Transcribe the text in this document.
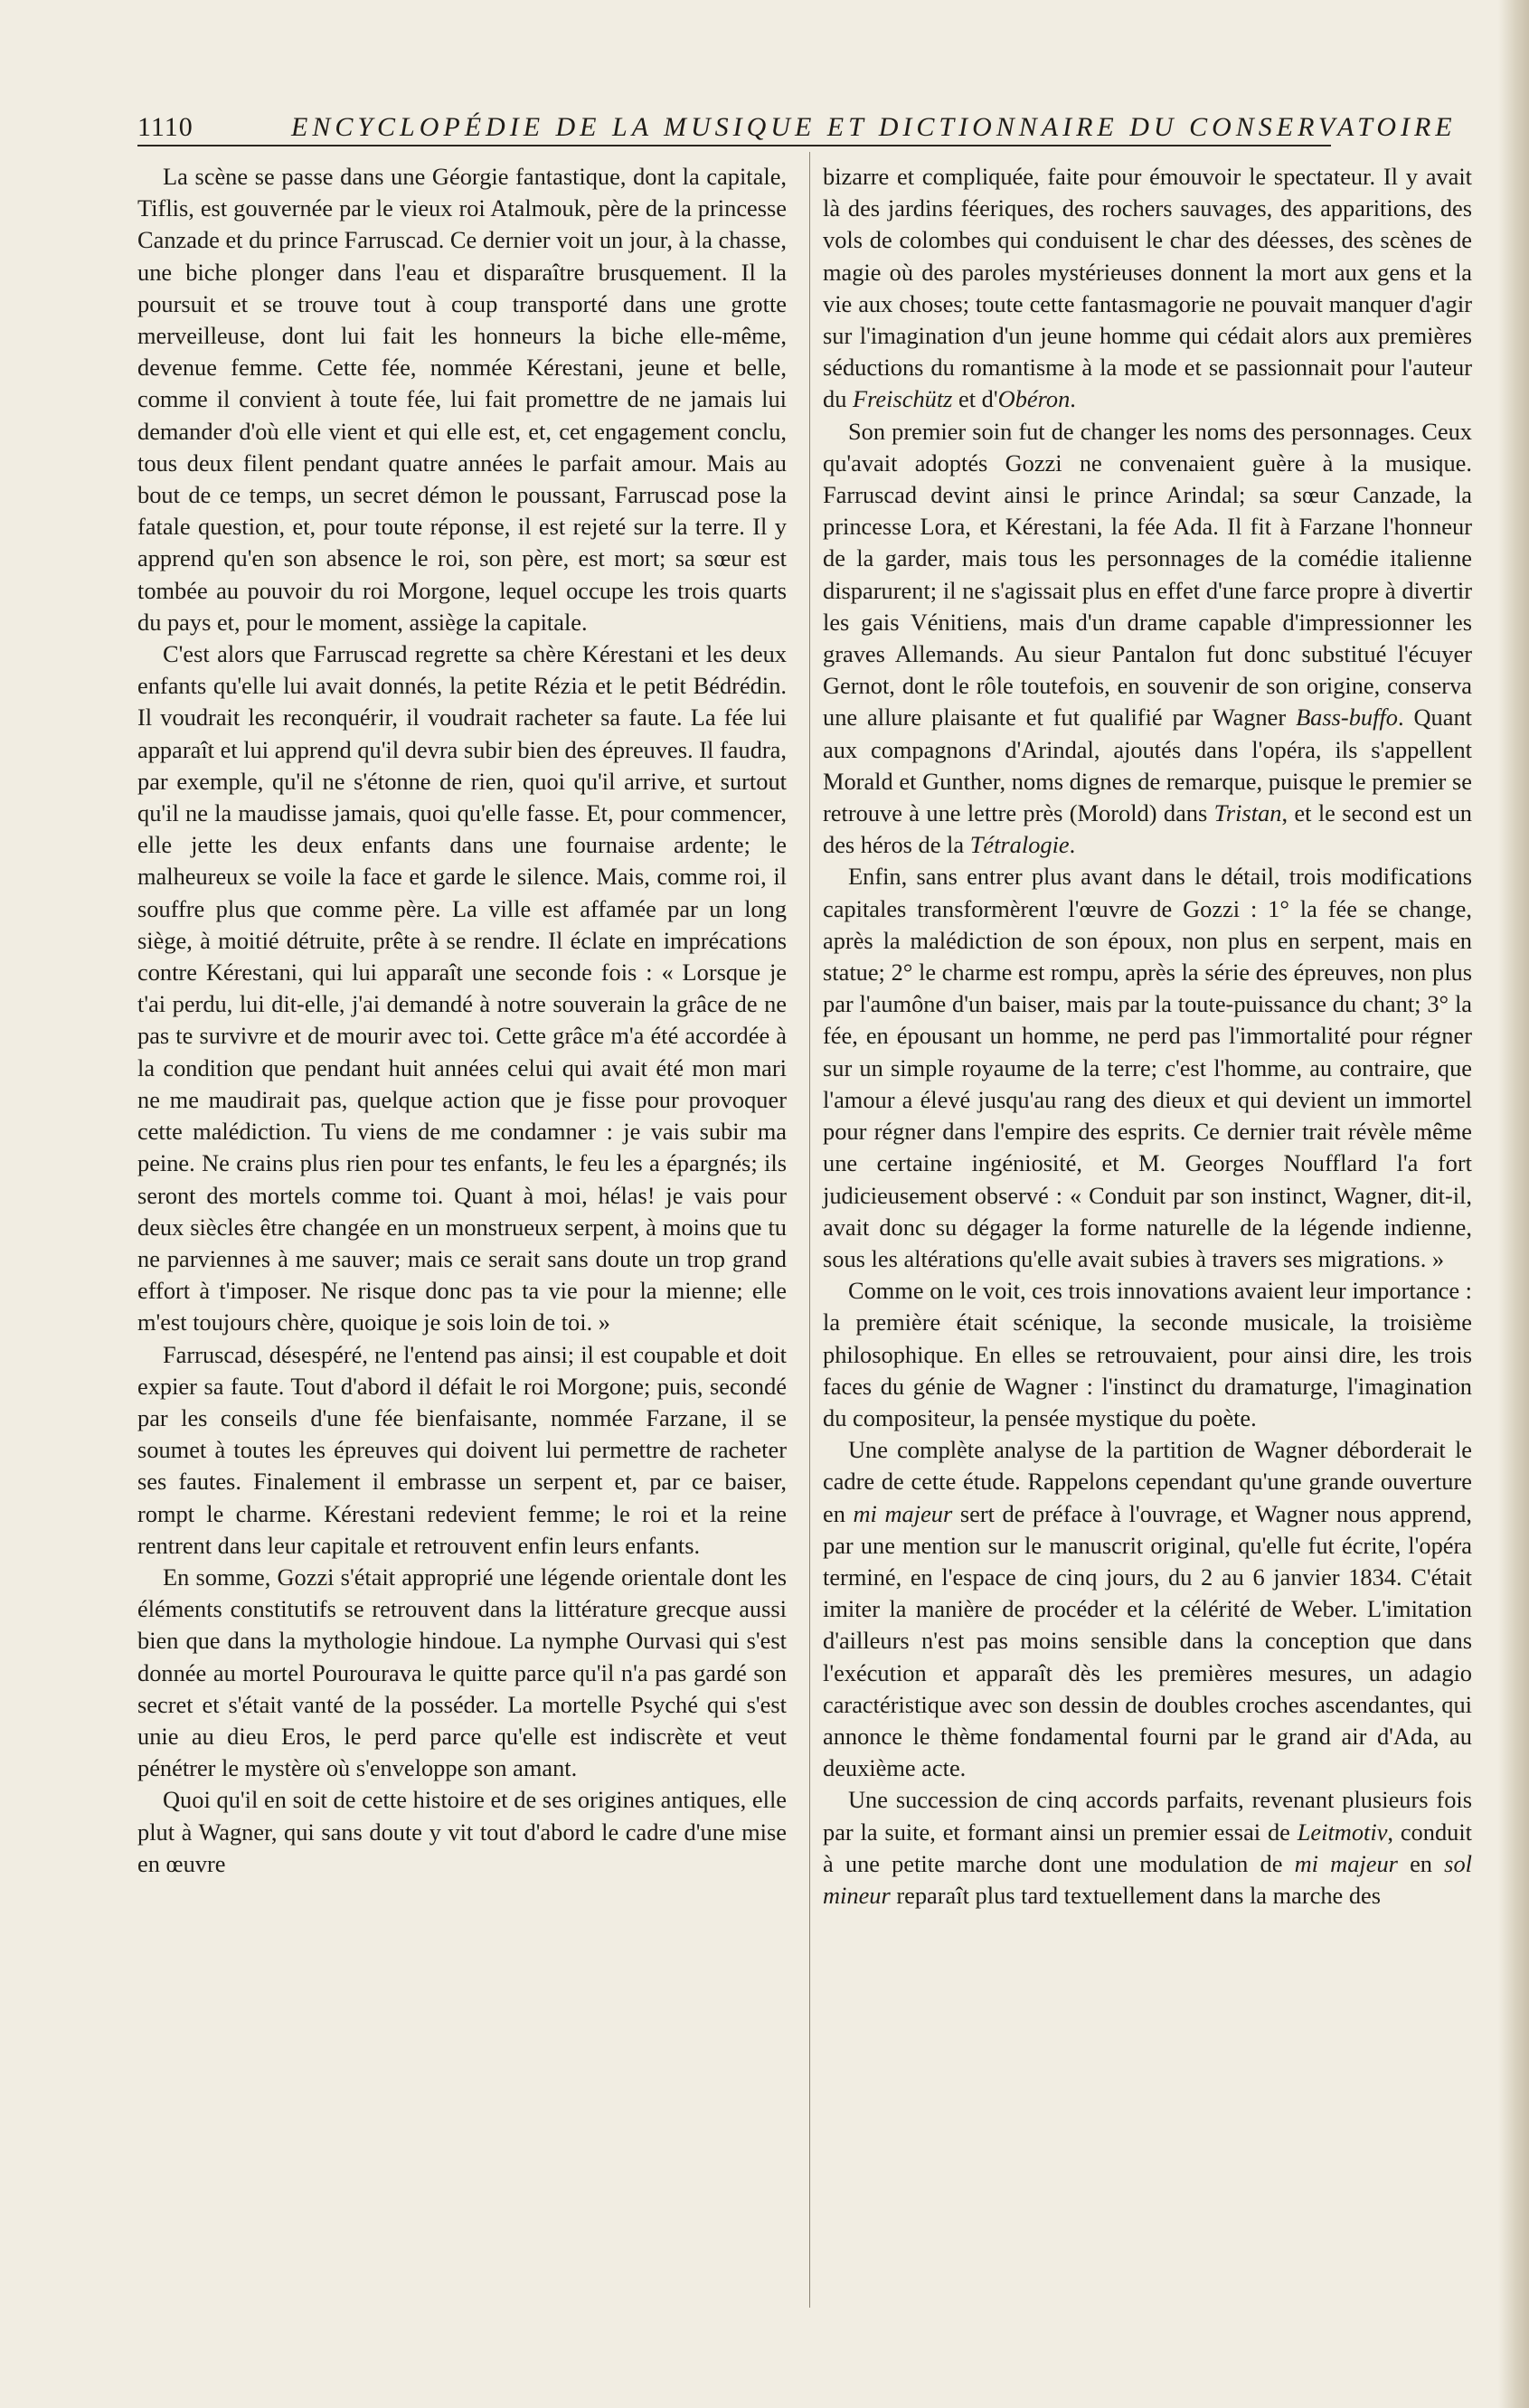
1110	ENCYCLOPÉDIE DE LA MUSIQUE ET DICTIONNAIRE DU CONSERVATOIRE

La scène se passe dans une Géorgie fantastique, dont la capitale, Tiflis, est gouvernée par le vieux roi Atalmouk, père de la princesse Canzade et du prince Farruscad. Ce dernier voit un jour, à la chasse, une biche plonger dans l'eau et disparaître brusquement. Il la poursuit et se trouve tout à coup transporté dans une grotte merveilleuse, dont lui fait les honneurs la biche elle-même, devenue femme. Cette fée, nommée Kérestani, jeune et belle, comme il convient à toute fée, lui fait promettre de ne jamais lui demander d'où elle vient et qui elle est, et, cet engagement conclu, tous deux filent pendant quatre années le parfait amour. Mais au bout de ce temps, un secret démon le poussant, Farruscad pose la fatale question, et, pour toute réponse, il est rejeté sur la terre. Il y apprend qu'en son absence le roi, son père, est mort; sa sœur est tombée au pouvoir du roi Morgone, lequel occupe les trois quarts du pays et, pour le moment, assiège la capitale.

C'est alors que Farruscad regrette sa chère Kérestani et les deux enfants qu'elle lui avait donnés, la petite Rézia et le petit Bédrédin. Il voudrait les reconquérir, il voudrait racheter sa faute. La fée lui apparaît et lui apprend qu'il devra subir bien des épreuves. Il faudra, par exemple, qu'il ne s'étonne de rien, quoi qu'il arrive, et surtout qu'il ne la maudisse jamais, quoi qu'elle fasse. Et, pour commencer, elle jette les deux enfants dans une fournaise ardente; le malheureux se voile la face et garde le silence. Mais, comme roi, il souffre plus que comme père. La ville est affamée par un long siège, à moitié détruite, prête à se rendre. Il éclate en imprécations contre Kérestani, qui lui apparaît une seconde fois : « Lorsque je t'ai perdu, lui dit-elle, j'ai demandé à notre souverain la grâce de ne pas te survivre et de mourir avec toi. Cette grâce m'a été accordée à la condition que pendant huit années celui qui avait été mon mari ne me maudirait pas, quelque action que je fisse pour provoquer cette malédiction. Tu viens de me condamner : je vais subir ma peine. Ne crains plus rien pour tes enfants, le feu les a épargnés; ils seront des mortels comme toi. Quant à moi, hélas! je vais pour deux siècles être changée en un monstrueux serpent, à moins que tu ne parviennes à me sauver; mais ce serait sans doute un trop grand effort à t'imposer. Ne risque donc pas ta vie pour la mienne; elle m'est toujours chère, quoique je sois loin de toi. »

Farruscad, désespéré, ne l'entend pas ainsi; il est coupable et doit expier sa faute. Tout d'abord il défait le roi Morgone; puis, secondé par les conseils d'une fée bienfaisante, nommée Farzane, il se soumet à toutes les épreuves qui doivent lui permettre de racheter ses fautes. Finalement il embrasse un serpent et, par ce baiser, rompt le charme. Kérestani redevient femme; le roi et la reine rentrent dans leur capitale et retrouvent enfin leurs enfants.

En somme, Gozzi s'était approprié une légende orientale dont les éléments constitutifs se retrouvent dans la littérature grecque aussi bien que dans la mythologie hindoue. La nymphe Ourvasi qui s'est donnée au mortel Pourourava le quitte parce qu'il n'a pas gardé son secret et s'était vanté de la posséder. La mortelle Psyché qui s'est unie au dieu Eros, le perd parce qu'elle est indiscrète et veut pénétrer le mystère où s'enveloppe son amant.

Quoi qu'il en soit de cette histoire et de ses origines antiques, elle plut à Wagner, qui sans doute y vit tout d'abord le cadre d'une mise en œuvre

bizarre et compliquée, faite pour émouvoir le spectateur. Il y avait là des jardins féeriques, des rochers sauvages, des apparitions, des vols de colombes qui conduisent le char des déesses, des scènes de magie où des paroles mystérieuses donnent la mort aux gens et la vie aux choses; toute cette fantasmagorie ne pouvait manquer d'agir sur l'imagination d'un jeune homme qui cédait alors aux premières séductions du romantisme à la mode et se passionnait pour l'auteur du Freischütz et d'Obéron.

Son premier soin fut de changer les noms des personnages. Ceux qu'avait adoptés Gozzi ne convenaient guère à la musique. Farruscad devint ainsi le prince Arindal; sa sœur Canzade, la princesse Lora, et Kérestani, la fée Ada. Il fit à Farzane l'honneur de la garder, mais tous les personnages de la comédie italienne disparurent; il ne s'agissait plus en effet d'une farce propre à divertir les gais Vénitiens, mais d'un drame capable d'impressionner les graves Allemands. Au sieur Pantalon fut donc substitué l'écuyer Gernot, dont le rôle toutefois, en souvenir de son origine, conserva une allure plaisante et fut qualifié par Wagner Bass-buffo. Quant aux compagnons d'Arindal, ajoutés dans l'opéra, ils s'appellent Morald et Gunther, noms dignes de remarque, puisque le premier se retrouve à une lettre près (Morold) dans Tristan, et le second est un des héros de la Tétralogie.

Enfin, sans entrer plus avant dans le détail, trois modifications capitales transformèrent l'œuvre de Gozzi : 1° la fée se change, après la malédiction de son époux, non plus en serpent, mais en statue; 2° le charme est rompu, après la série des épreuves, non plus par l'aumône d'un baiser, mais par la toute-puissance du chant; 3° la fée, en épousant un homme, ne perd pas l'immortalité pour régner sur un simple royaume de la terre; c'est l'homme, au contraire, que l'amour a élevé jusqu'au rang des dieux et qui devient un immortel pour régner dans l'empire des esprits. Ce dernier trait révèle même une certaine ingéniosité, et M. Georges Noufflard l'a fort judicieusement observé : « Conduit par son instinct, Wagner, dit-il, avait donc su dégager la forme naturelle de la légende indienne, sous les altérations qu'elle avait subies à travers ses migrations. »

Comme on le voit, ces trois innovations avaient leur importance : la première était scénique, la seconde musicale, la troisième philosophique. En elles se retrouvaient, pour ainsi dire, les trois faces du génie de Wagner : l'instinct du dramaturge, l'imagination du compositeur, la pensée mystique du poète.

Une complète analyse de la partition de Wagner déborderait le cadre de cette étude. Rappelons cependant qu'une grande ouverture en mi majeur sert de préface à l'ouvrage, et Wagner nous apprend, par une mention sur le manuscrit original, qu'elle fut écrite, l'opéra terminé, en l'espace de cinq jours, du 2 au 6 janvier 1834. C'était imiter la manière de procéder et la célérité de Weber. L'imitation d'ailleurs n'est pas moins sensible dans la conception que dans l'exécution et apparaît dès les premières mesures, un adagio caractéristique avec son dessin de doubles croches ascendantes, qui annonce le thème fondamental fourni par le grand air d'Ada, au deuxième acte.

Une succession de cinq accords parfaits, revenant plusieurs fois par la suite, et formant ainsi un premier essai de Leitmotiv, conduit à une petite marche dont une modulation de mi majeur en sol mineur reparaît plus tard textuellement dans la marche des
